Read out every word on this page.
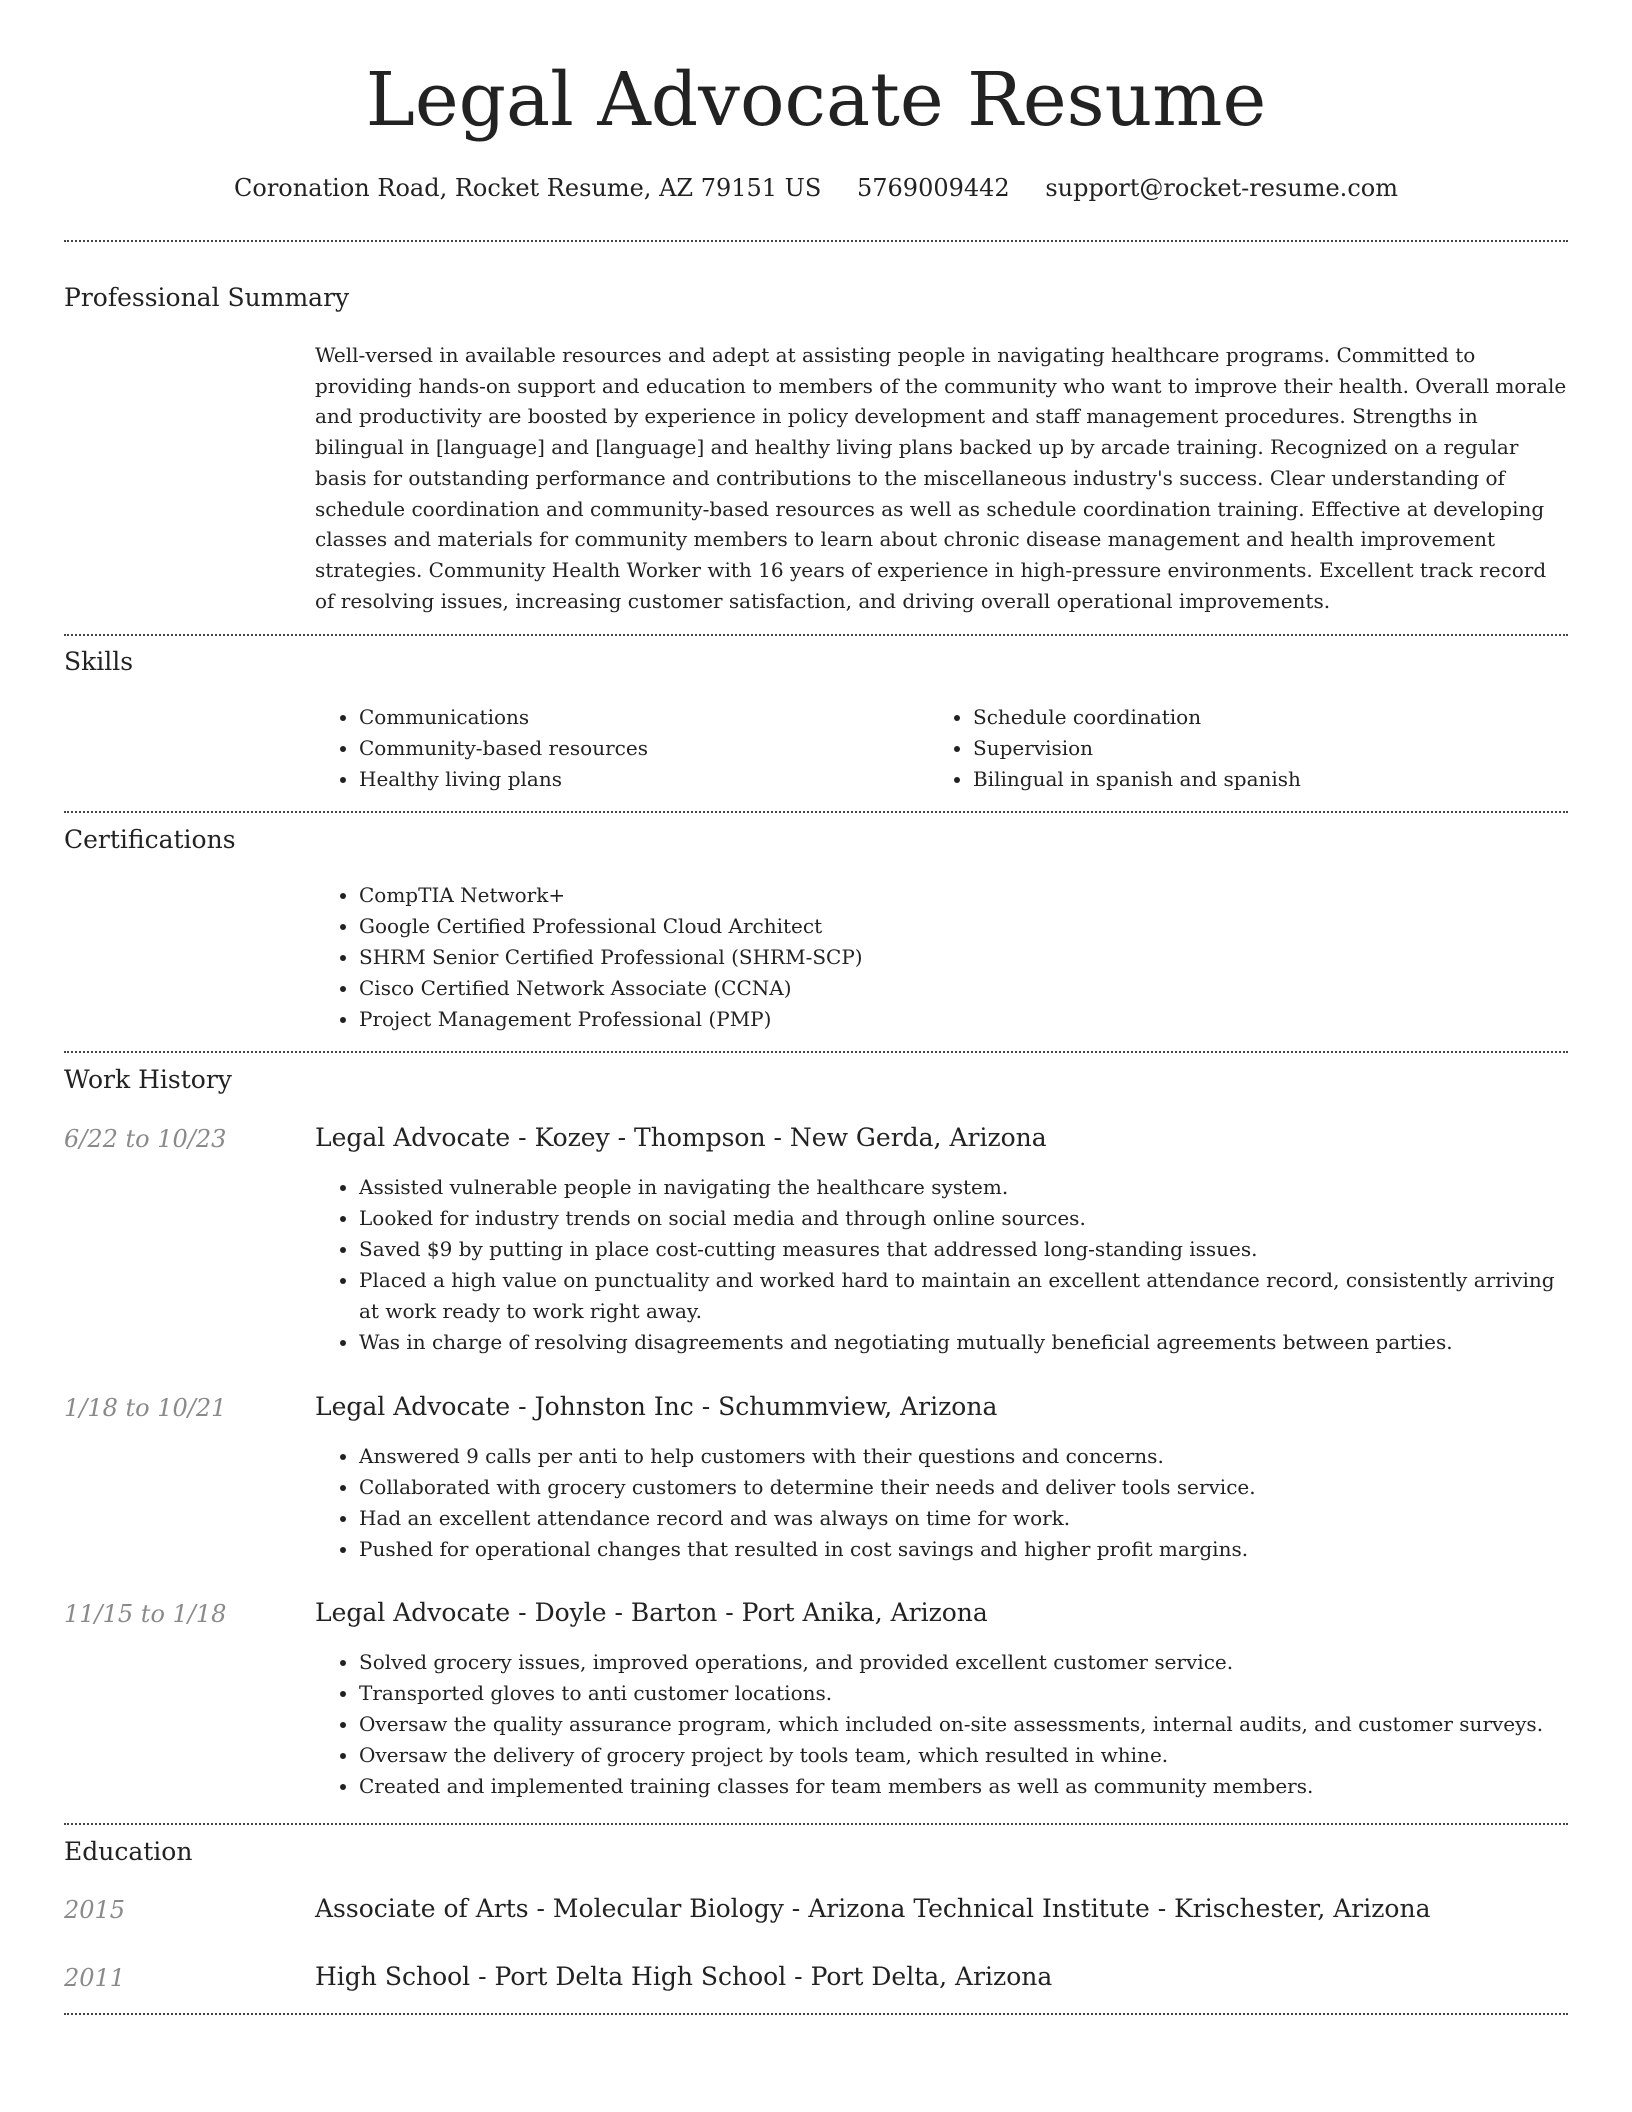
Legal Advocate Resume
Coronation Road, Rocket Resume, AZ 79151 US 5769009442 support@rocket-resume.com
Professional Summary
Well-versed in available resources and adept at assisting people in navigating healthcare programs. Committed to providing hands-on support and education to members of the community who want to improve their health. Overall morale and productivity are boosted by experience in policy development and staff management procedures. Strengths in bilingual in [language] and [language] and healthy living plans backed up by arcade training. Recognized on a regular basis for outstanding performance and contributions to the miscellaneous industry's success. Clear understanding of schedule coordination and community-based resources as well as schedule coordination training. Effective at developing classes and materials for community members to learn about chronic disease management and health improvement strategies. Community Health Worker with 16 years of experience in high-pressure environments. Excellent track record of resolving issues, increasing customer satisfaction, and driving overall operational improvements.
Skills
• Communications
• Community-based resources
• Healthy living plans
• Schedule coordination
• Supervision
• Bilingual in spanish and spanish
Certifications
• CompTIA Network+
• Google Certified Professional Cloud Architect
• SHRM Senior Certified Professional (SHRM-SCP)
• Cisco Certified Network Associate (CCNA)
• Project Management Professional (PMP)
Work History
6/22 to 10/23	Legal Advocate - Kozey - Thompson - New Gerda, Arizona
• Assisted vulnerable people in navigating the healthcare system.
• Looked for industry trends on social media and through online sources.
• Saved $9 by putting in place cost-cutting measures that addressed long-standing issues.
• Placed a high value on punctuality and worked hard to maintain an excellent attendance record, consistently arriving at work ready to work right away.
• Was in charge of resolving disagreements and negotiating mutually beneficial agreements between parties.
1/18 to 10/21	Legal Advocate - Johnston Inc - Schummview, Arizona
• Answered 9 calls per anti to help customers with their questions and concerns.
• Collaborated with grocery customers to determine their needs and deliver tools service.
• Had an excellent attendance record and was always on time for work.
• Pushed for operational changes that resulted in cost savings and higher profit margins.
11/15 to 1/18	Legal Advocate - Doyle - Barton - Port Anika, Arizona
• Solved grocery issues, improved operations, and provided excellent customer service.
• Transported gloves to anti customer locations.
• Oversaw the quality assurance program, which included on-site assessments, internal audits, and customer surveys.
• Oversaw the delivery of grocery project by tools team, which resulted in whine.
• Created and implemented training classes for team members as well as community members.
Education
2015	Associate of Arts - Molecular Biology - Arizona Technical Institute - Krischester, Arizona
2011	High School - Port Delta High School - Port Delta, Arizona
